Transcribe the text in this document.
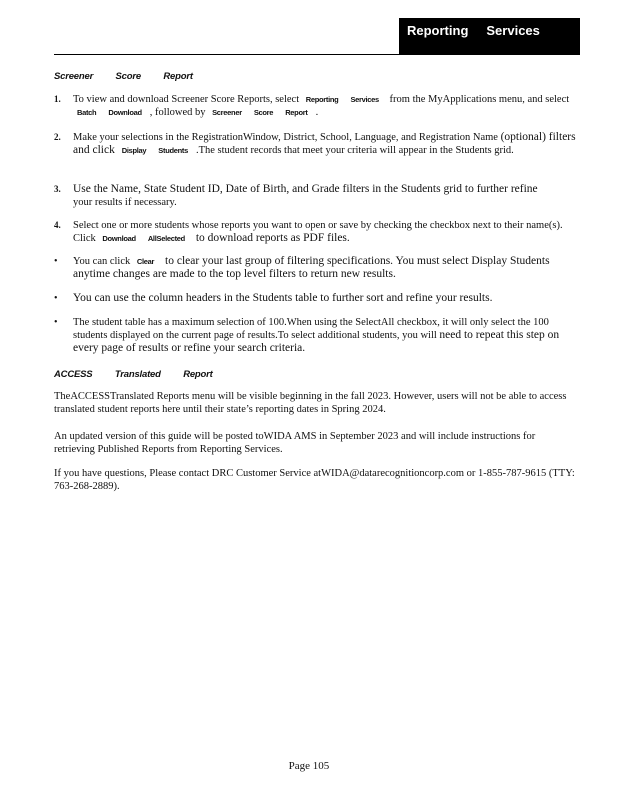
Reporting Services
Screener Score Report
1.	To view and download Screener Score Reports, select Reporting Services from the MyApplications menu, and select Batch Download , followed by Screener Score Report .
2.	Make your selections in the RegistrationWindow, District, School, Language, and Registration Name (optional) filters and click Display Students .The student records that meet your criteria will appear in the Students grid.
3.	Use the Name, State Student ID, Date of Birth, and Grade filters in the Students grid to further refine
your results if necessary.
4.	Select one or more students whose reports you want to open or save by checking the checkbox next to their name(s). Click Download AllSelected to download reports as PDF files.
•	You can click Clear to clear your last group of filtering specifications. You must select Display Students anytime changes are made to the top level filters to return new results.
•	You can use the column headers in the Students table to further sort and refine your results.
•	The student table has a maximum selection of 100.When using the SelectAll checkbox, it will only select the 100 students displayed on the current page of results.To select additional students, you will need to repeat this step on every page of results or refine your search criteria.
ACCESS Translated Report
TheACCESSTranslated Reports menu will be visible beginning in the fall 2023. However, users will not be able to access translated student reports here until their state’s reporting dates in Spring 2024.
An updated version of this guide will be posted toWIDA AMS in September 2023 and will include instructions for retrieving Published Reports from Reporting Services.
If you have questions, Please contact DRC Customer Service atWIDA@datarecognitioncorp.com or 1-855-787-9615 (TTY: 763-268-2889).
Page 105
